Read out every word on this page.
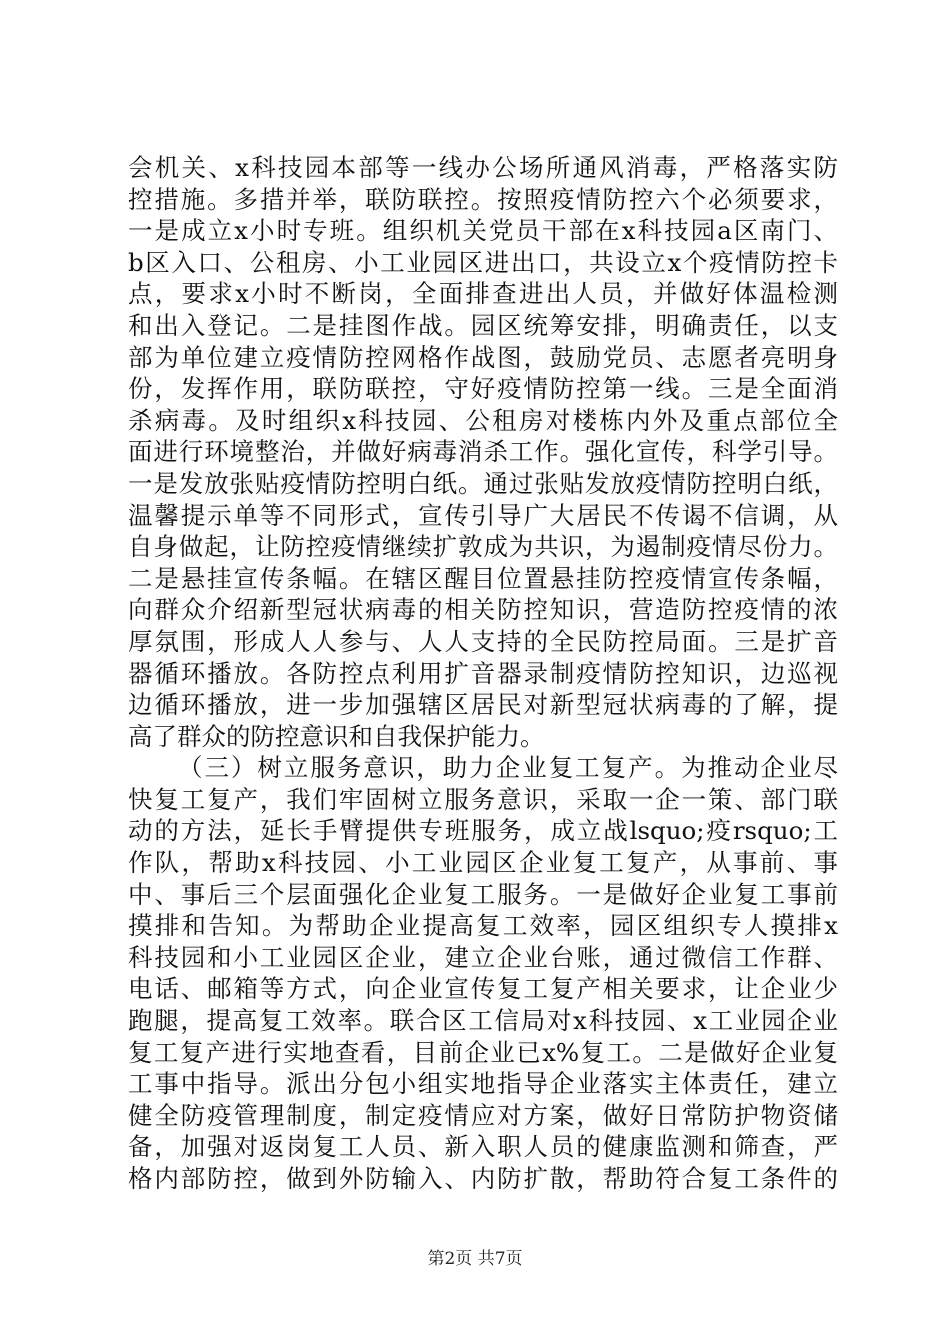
会机关、x科技园本部等一线办公场所通风消毒，严格落实防
控措施。多措并举，联防联控。按照疫情防控六个必须要求，
一是成立x小时专班。组织机关党员干部在x科技园a区南门、
b区入口、公租房、小工业园区进出口，共设立x个疫情防控卡
点，要求x小时不断岗，全面排查进出人员，并做好体温检测
和出入登记。二是挂图作战。园区统筹安排，明确责任，以支
部为单位建立疫情防控网格作战图，鼓励党员、志愿者亮明身
份，发挥作用，联防联控，守好疫情防控第一线。三是全面消
杀病毒。及时组织x科技园、公租房对楼栋内外及重点部位全
面进行环境整治，并做好病毒消杀工作。强化宣传，科学引导。
一是发放张贴疫情防控明白纸。通过张贴发放疫情防控明白纸，
温馨提示单等不同形式，宣传引导广大居民不传谒不信调，从
自身做起，让防控疫情继续扩敦成为共识，为遏制疫情尽份力。
二是悬挂宣传条幅。在辖区醒目位置悬挂防控疫情宣传条幅，
向群众介绍新型冠状病毒的相关防控知识，营造防控疫情的浓
厚氛围，形成人人参与、人人支持的全民防控局面。三是扩音
器循环播放。各防控点利用扩音器录制疫情防控知识，边巡视
边循环播放，进一步加强辖区居民对新型冠状病毒的了解，提
高了群众的防控意识和自我保护能力。
（三）树立服务意识，助力企业复工复产。为推动企业尽
快复工复产，我们牢固树立服务意识，采取一企一策、部门联
动的方法，延长手臂提供专班服务，成立战lsquo;疫rsquo;工
作队，帮助x科技园、小工业园区企业复工复产，从事前、事
中、事后三个层面强化企业复工服务。一是做好企业复工事前
摸排和告知。为帮助企业提高复工效率，园区组织专人摸排x
科技园和小工业园区企业，建立企业台账，通过微信工作群、
电话、邮箱等方式，向企业宣传复工复产相关要求，让企业少
跑腿，提高复工效率。联合区工信局对x科技园、x工业园企业
复工复产进行实地查看，目前企业已x%复工。二是做好企业复
工事中指导。派出分包小组实地指导企业落实主体责任，建立
健全防疫管理制度，制定疫情应对方案，做好日常防护物资储
备，加强对返岗复工人员、新入职人员的健康监测和筛查，严
格内部防控，做到外防输入、内防扩散，帮助符合复工条件的
第2页 共7页
